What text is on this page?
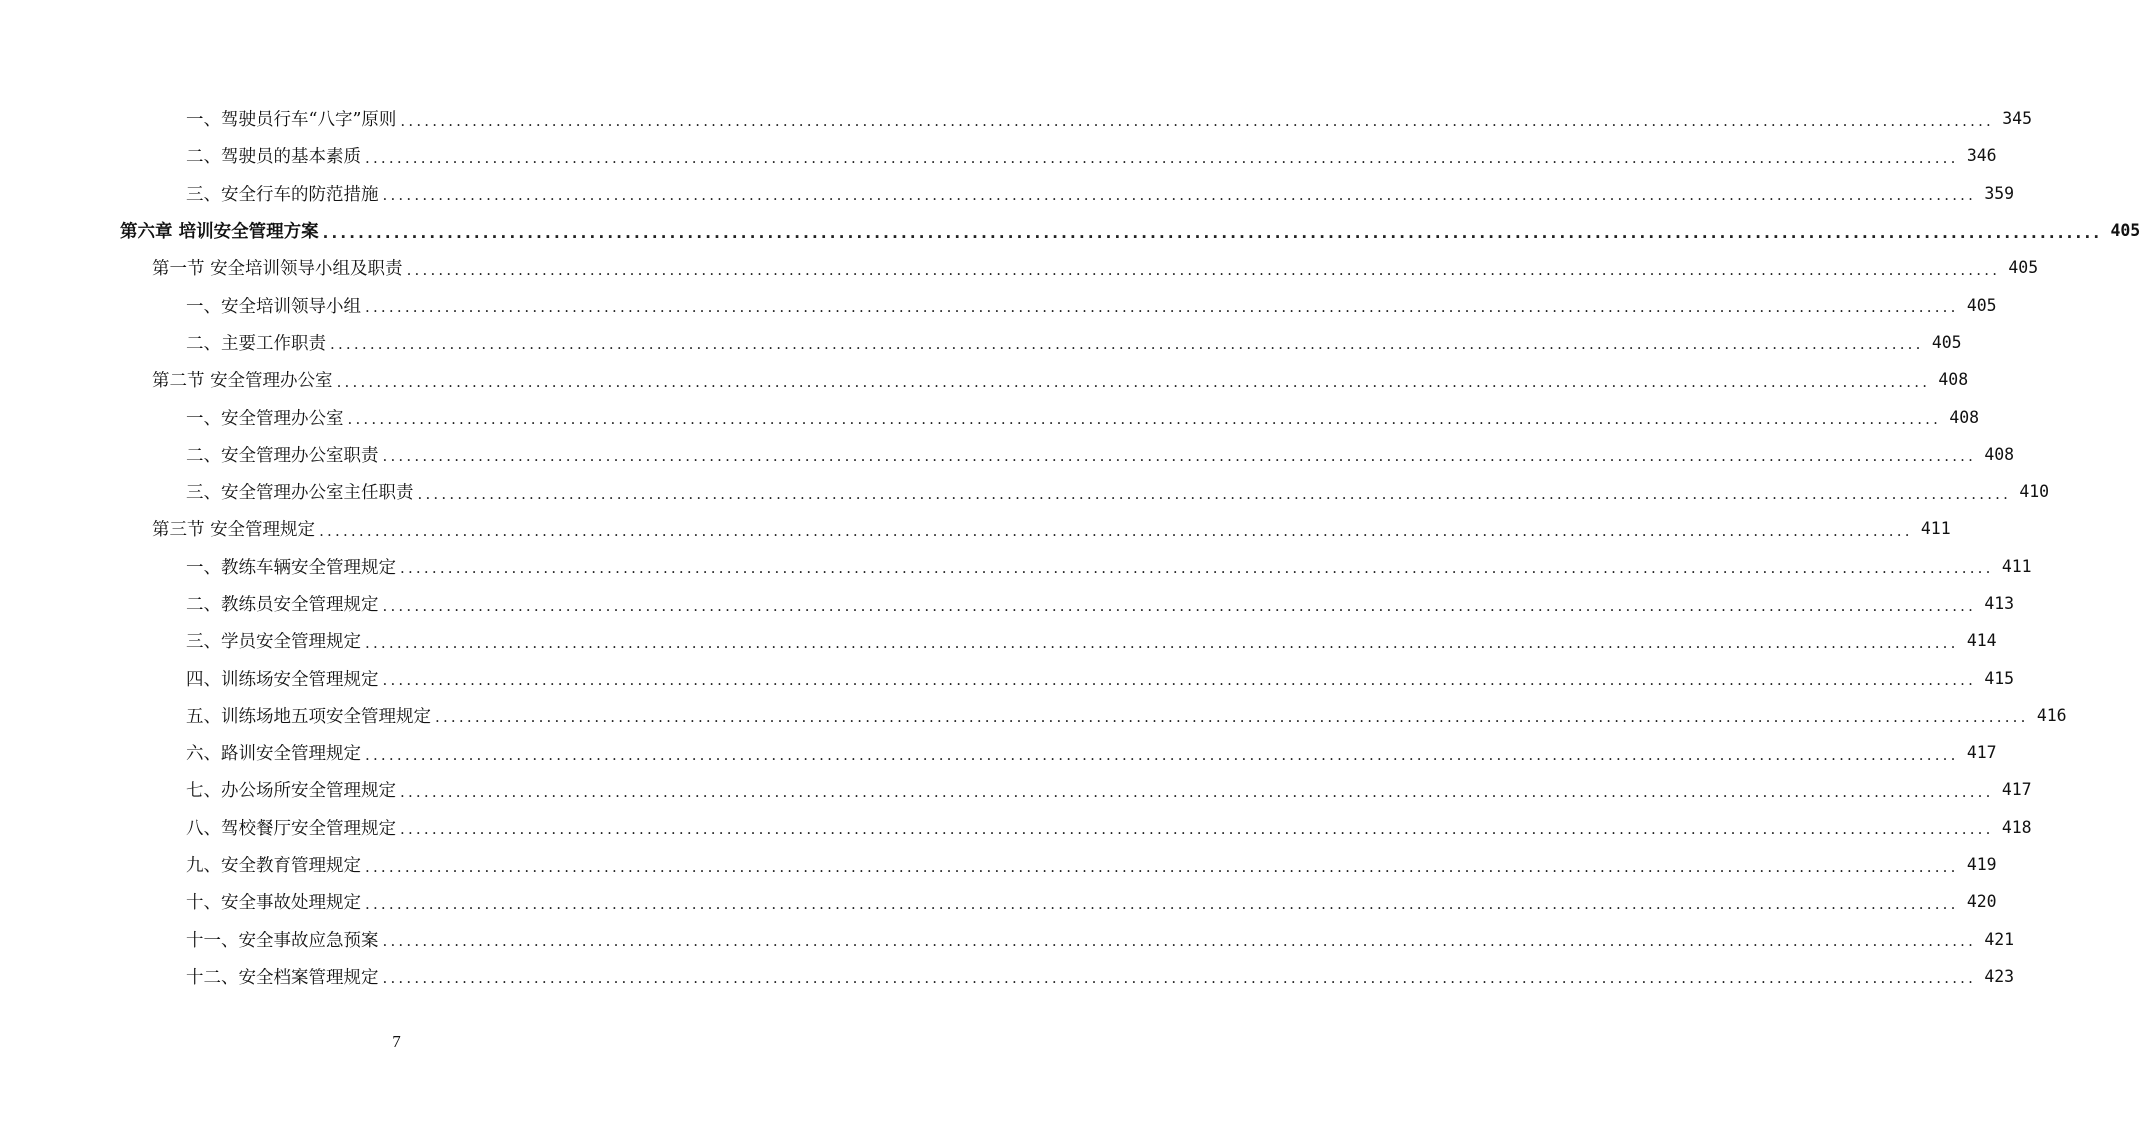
一、驾驶员行车“八字”原则 ........................................................................................................................................................................................................ 345
二、驾驶员的基本素质 ........................................................................................................................................................................................................ 346
三、安全行车的防范措施 ........................................................................................................................................................................................................ 359
第六章 培训安全管理方案 ........................................................................................................................................................................................................ 405
第一节 安全培训领导小组及职责 ........................................................................................................................................................................................................ 405
一、安全培训领导小组 ........................................................................................................................................................................................................ 405
二、主要工作职责 ........................................................................................................................................................................................................ 405
第二节 安全管理办公室 ........................................................................................................................................................................................................ 408
一、安全管理办公室 ........................................................................................................................................................................................................ 408
二、安全管理办公室职责 ........................................................................................................................................................................................................ 408
三、安全管理办公室主任职责 ........................................................................................................................................................................................................ 410
第三节 安全管理规定 ........................................................................................................................................................................................................ 411
一、教练车辆安全管理规定 ........................................................................................................................................................................................................ 411
二、教练员安全管理规定 ........................................................................................................................................................................................................ 413
三、学员安全管理规定 ........................................................................................................................................................................................................ 414
四、训练场安全管理规定 ........................................................................................................................................................................................................ 415
五、训练场地五项安全管理规定 ........................................................................................................................................................................................................ 416
六、路训安全管理规定 ........................................................................................................................................................................................................ 417
七、办公场所安全管理规定 ........................................................................................................................................................................................................ 417
八、驾校餐厅安全管理规定 ........................................................................................................................................................................................................ 418
九、安全教育管理规定 ........................................................................................................................................................................................................ 419
十、安全事故处理规定 ........................................................................................................................................................................................................ 420
十一、安全事故应急预案 ........................................................................................................................................................................................................ 421
十二、安全档案管理规定 ........................................................................................................................................................................................................ 423
7
